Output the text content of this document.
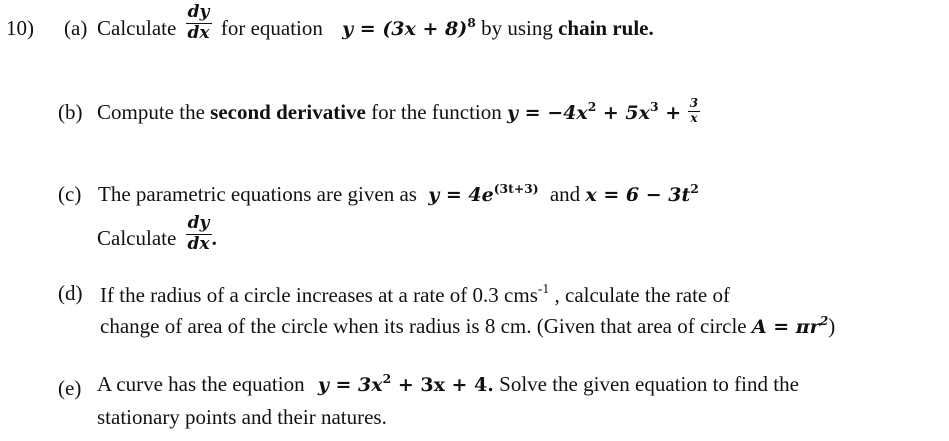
10) (a) Calculate $\frac{dy}{dx}$ for equation $y = (3x + 8)^8$ by using chain rule.
(b) Compute the second derivative for the function $y = -4x^2 + 5x^3 + \frac{3}{x}$
(c) The parametric equations are given as $y = 4e^{(3t+3)}$ and $x = 6 - 3t^2$
Calculate $\frac{dy}{dx}$ .
(d) If the radius of a circle increases at a rate of 0.3 cms$^{-1}$ , calculate the rate of
change of area of the circle when its radius is 8 cm. (Given that area of circle $A = \pi r^2$)
(e) A curve has the equation $y = 3x^2 + 3x + 4$. Solve the given equation to find the
stationary points and their natures.
